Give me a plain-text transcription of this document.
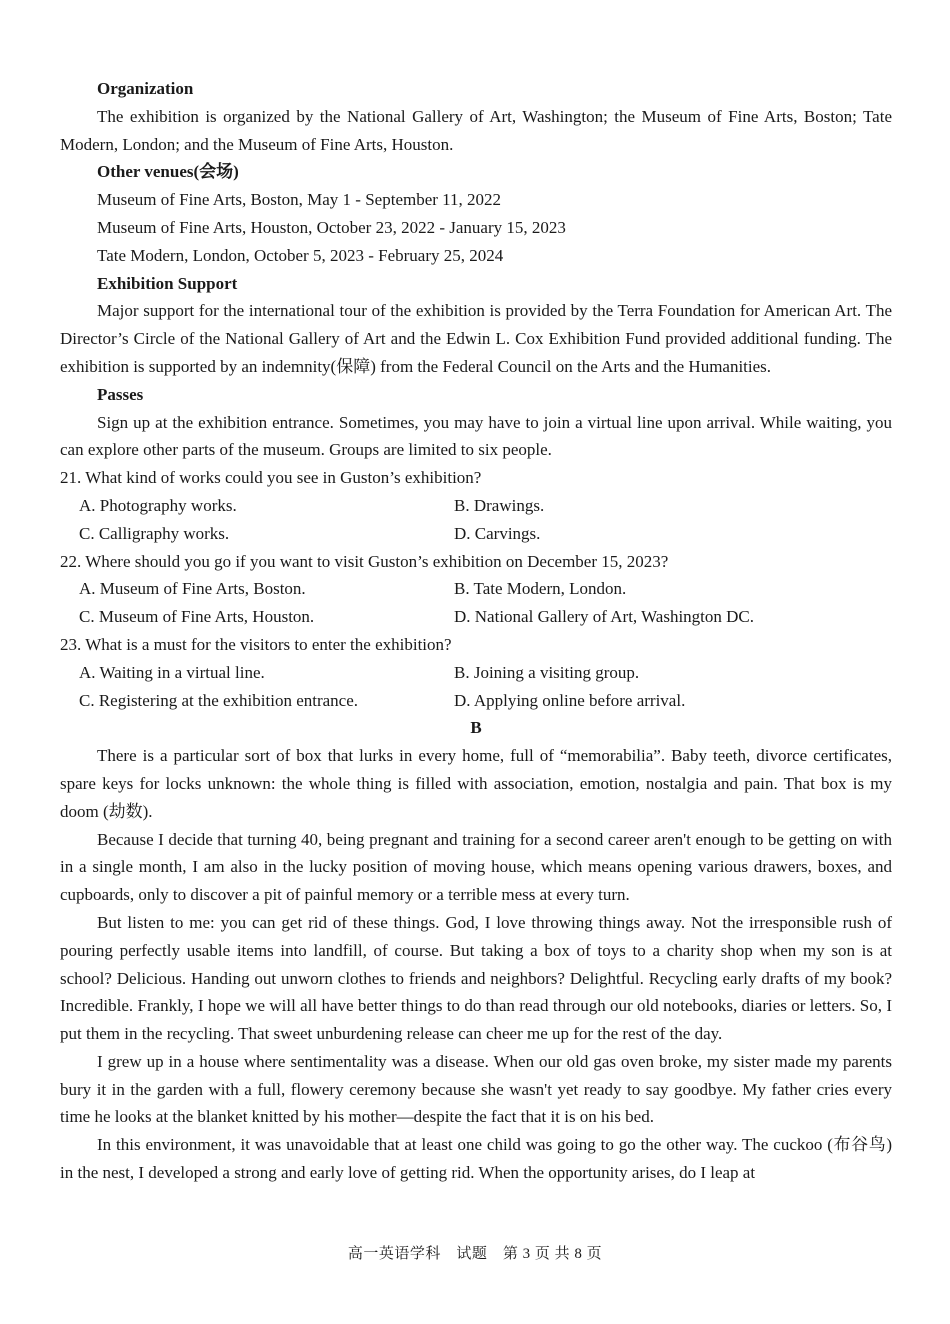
Organization
The exhibition is organized by the National Gallery of Art, Washington; the Museum of Fine Arts, Boston; Tate Modern, London; and the Museum of Fine Arts, Houston.
Other venues(会场)
Museum of Fine Arts, Boston, May 1 - September 11, 2022
Museum of Fine Arts, Houston, October 23, 2022 - January 15, 2023
Tate Modern, London, October 5, 2023 - February 25, 2024
Exhibition Support
Major support for the international tour of the exhibition is provided by the Terra Foundation for American Art. The Director’s Circle of the National Gallery of Art and the Edwin L. Cox Exhibition Fund provided additional funding. The exhibition is supported by an indemnity(保障) from the Federal Council on the Arts and the Humanities.
Passes
Sign up at the exhibition entrance. Sometimes, you may have to join a virtual line upon arrival. While waiting, you can explore other parts of the museum. Groups are limited to six people.
21. What kind of works could you see in Guston’s exhibition?
A. Photography works.	B. Drawings.
C. Calligraphy works.	D. Carvings.
22. Where should you go if you want to visit Guston’s exhibition on December 15, 2023?
A. Museum of Fine Arts, Boston.	B. Tate Modern, London.
C. Museum of Fine Arts, Houston.	D. National Gallery of Art, Washington DC.
23. What is a must for the visitors to enter the exhibition?
A. Waiting in a virtual line.	B. Joining a visiting group.
C. Registering at the exhibition entrance.	D. Applying online before arrival.
B
There is a particular sort of box that lurks in every home, full of “memorabilia”. Baby teeth, divorce certificates, spare keys for locks unknown: the whole thing is filled with association, emotion, nostalgia and pain. That box is my doom (劫数).
Because I decide that turning 40, being pregnant and training for a second career aren't enough to be getting on with in a single month, I am also in the lucky position of moving house, which means opening various drawers, boxes, and cupboards, only to discover a pit of painful memory or a terrible mess at every turn.
But listen to me: you can get rid of these things. God, I love throwing things away. Not the irresponsible rush of pouring perfectly usable items into landfill, of course. But taking a box of toys to a charity shop when my son is at school? Delicious. Handing out unworn clothes to friends and neighbors? Delightful. Recycling early drafts of my book? Incredible. Frankly, I hope we will all have better things to do than read through our old notebooks, diaries or letters. So, I put them in the recycling. That sweet unburdening release can cheer me up for the rest of the day.
I grew up in a house where sentimentality was a disease. When our old gas oven broke, my sister made my parents bury it in the garden with a full, flowery ceremony because she wasn't yet ready to say goodbye. My father cries every time he looks at the blanket knitted by his mother—despite the fact that it is on his bed.
In this environment, it was unavoidable that at least one child was going to go the other way. The cuckoo (布谷鸟) in the nest, I developed a strong and early love of getting rid. When the opportunity arises, do I leap at
高一英语学科　试题　第 3 页 共 8 页
